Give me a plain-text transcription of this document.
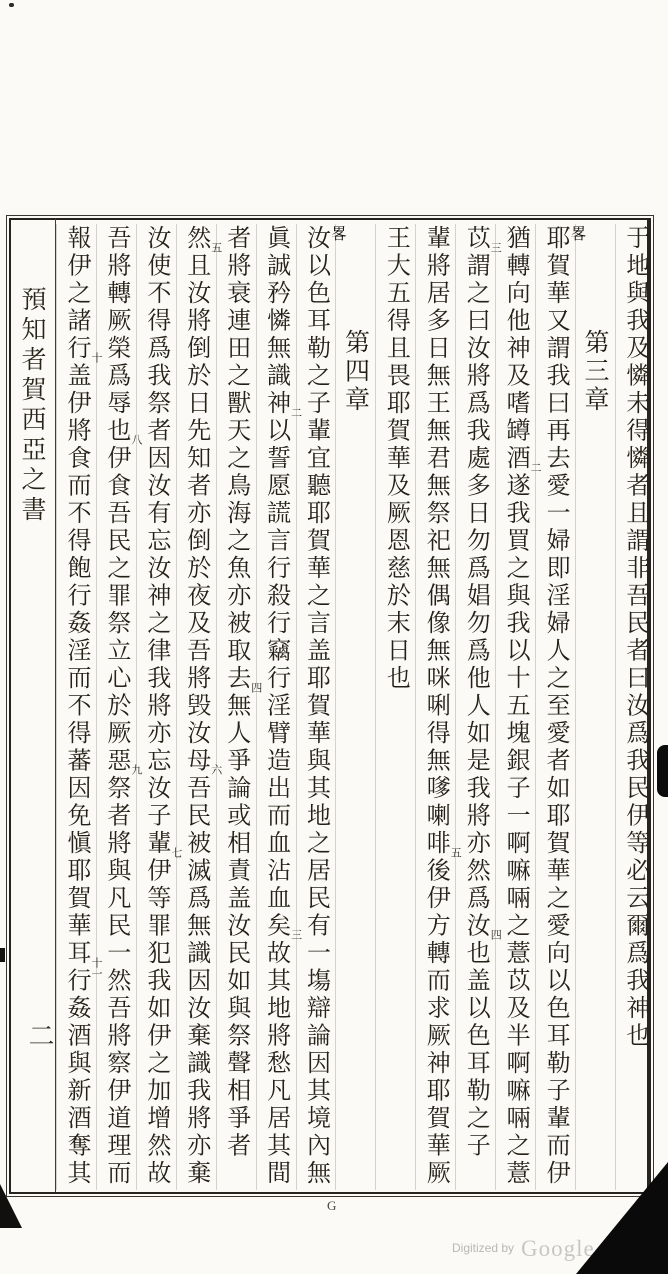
預知者賀西亞之書
二	于地與我及憐未得憐者且謂非吾民者曰汝爲我民伊等必云爾爲我神也
第三章
耶賀華又謂我曰再去愛一婦即淫婦人之至愛者如耶賀華之愛向以色耳勒子輩而伊 畧
猶轉向他神及嗜罇酒遂我買之與我以十五塊銀子一啊嘛啢之薏苡及半啊嘛啢之薏 二
苡謂之曰汝將爲我處多日勿爲娼勿爲他人如是我將亦然爲汝也盖以色耳勒之子 三
四
輩將居多日無王無君無祭祀無偶像無咪唎得無嗲喇啡後伊方轉而求厥神耶賀華厥 五
王大五得且畏耶賀華及厥恩慈於末日也
第四章
汝以色耳勒之子輩宜聽耶賀華之言盖耶賀華與其地之居民有一塲辯論因其境內無 畧
眞誠矜憐無識神以誓愿謊言行殺行竊行淫臂造出而血沾血矣故其地將愁凡居其間 二
三
者將衰連田之獸天之鳥海之魚亦被取去無人爭論或相責盖汝民如與祭聲相爭者 四
然且汝將倒於日先知者亦倒於夜及吾將毁汝母吾民被滅爲無識因汝棄識我將亦棄 五
六
汝使不得爲我祭者因汝有忘汝神之律我將亦忘汝子輩伊等罪犯我如伊之加增然故 七
吾將轉厥榮爲辱也伊食吾民之罪祭立心於厥惡祭者將與凡民一然吾將察伊道理而 八
九
報伊之諸行盖伊將食而不得飽行姦淫而不得蕃因免愼耶賀華耳行姦酒與新酒奪其 十
十一
G
Digitized by Google
